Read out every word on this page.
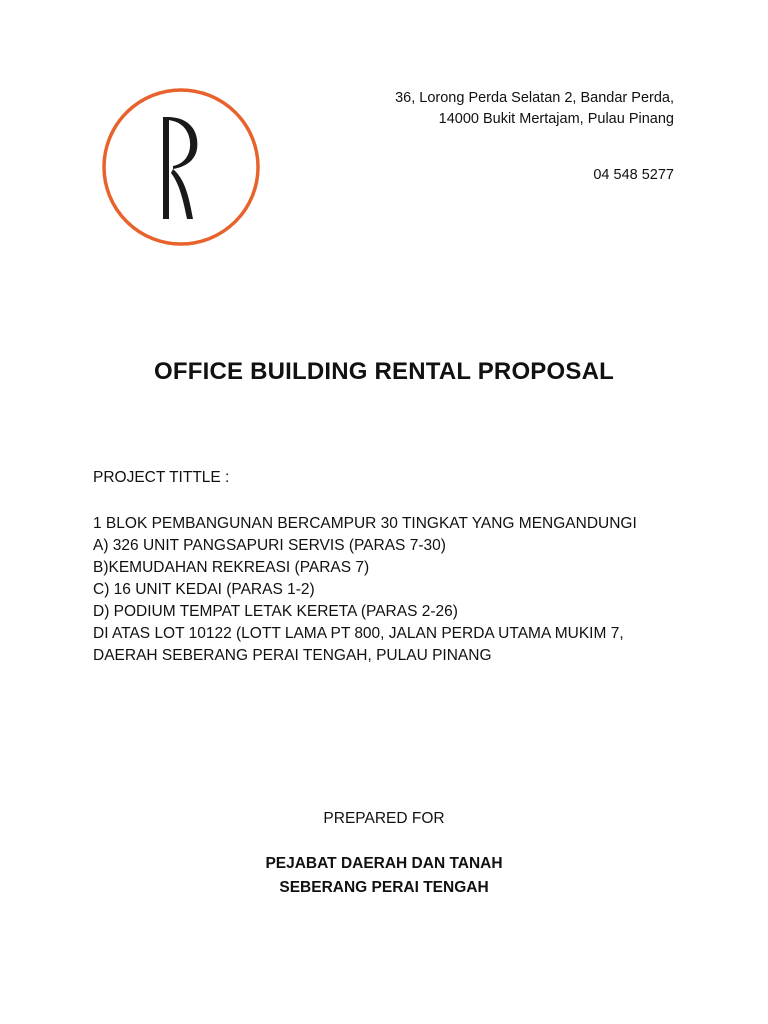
36, Lorong Perda Selatan 2, Bandar Perda,
14000 Bukit Mertajam, Pulau Pinang
04 548 5277
OFFICE BUILDING RENTAL PROPOSAL
PROJECT TITTLE :
1 BLOK PEMBANGUNAN BERCAMPUR 30 TINGKAT YANG MENGANDUNGI
A) 326 UNIT PANGSAPURI SERVIS (PARAS 7-30)
B)KEMUDAHAN REKREASI (PARAS 7)
C) 16 UNIT KEDAI (PARAS 1-2)
D) PODIUM TEMPAT LETAK KERETA (PARAS 2-26)
DI ATAS LOT 10122 (LOTT LAMA PT 800, JALAN PERDA UTAMA MUKIM 7,
DAERAH SEBERANG PERAI TENGAH, PULAU PINANG
PREPARED FOR
PEJABAT DAERAH DAN TANAH
SEBERANG PERAI TENGAH
